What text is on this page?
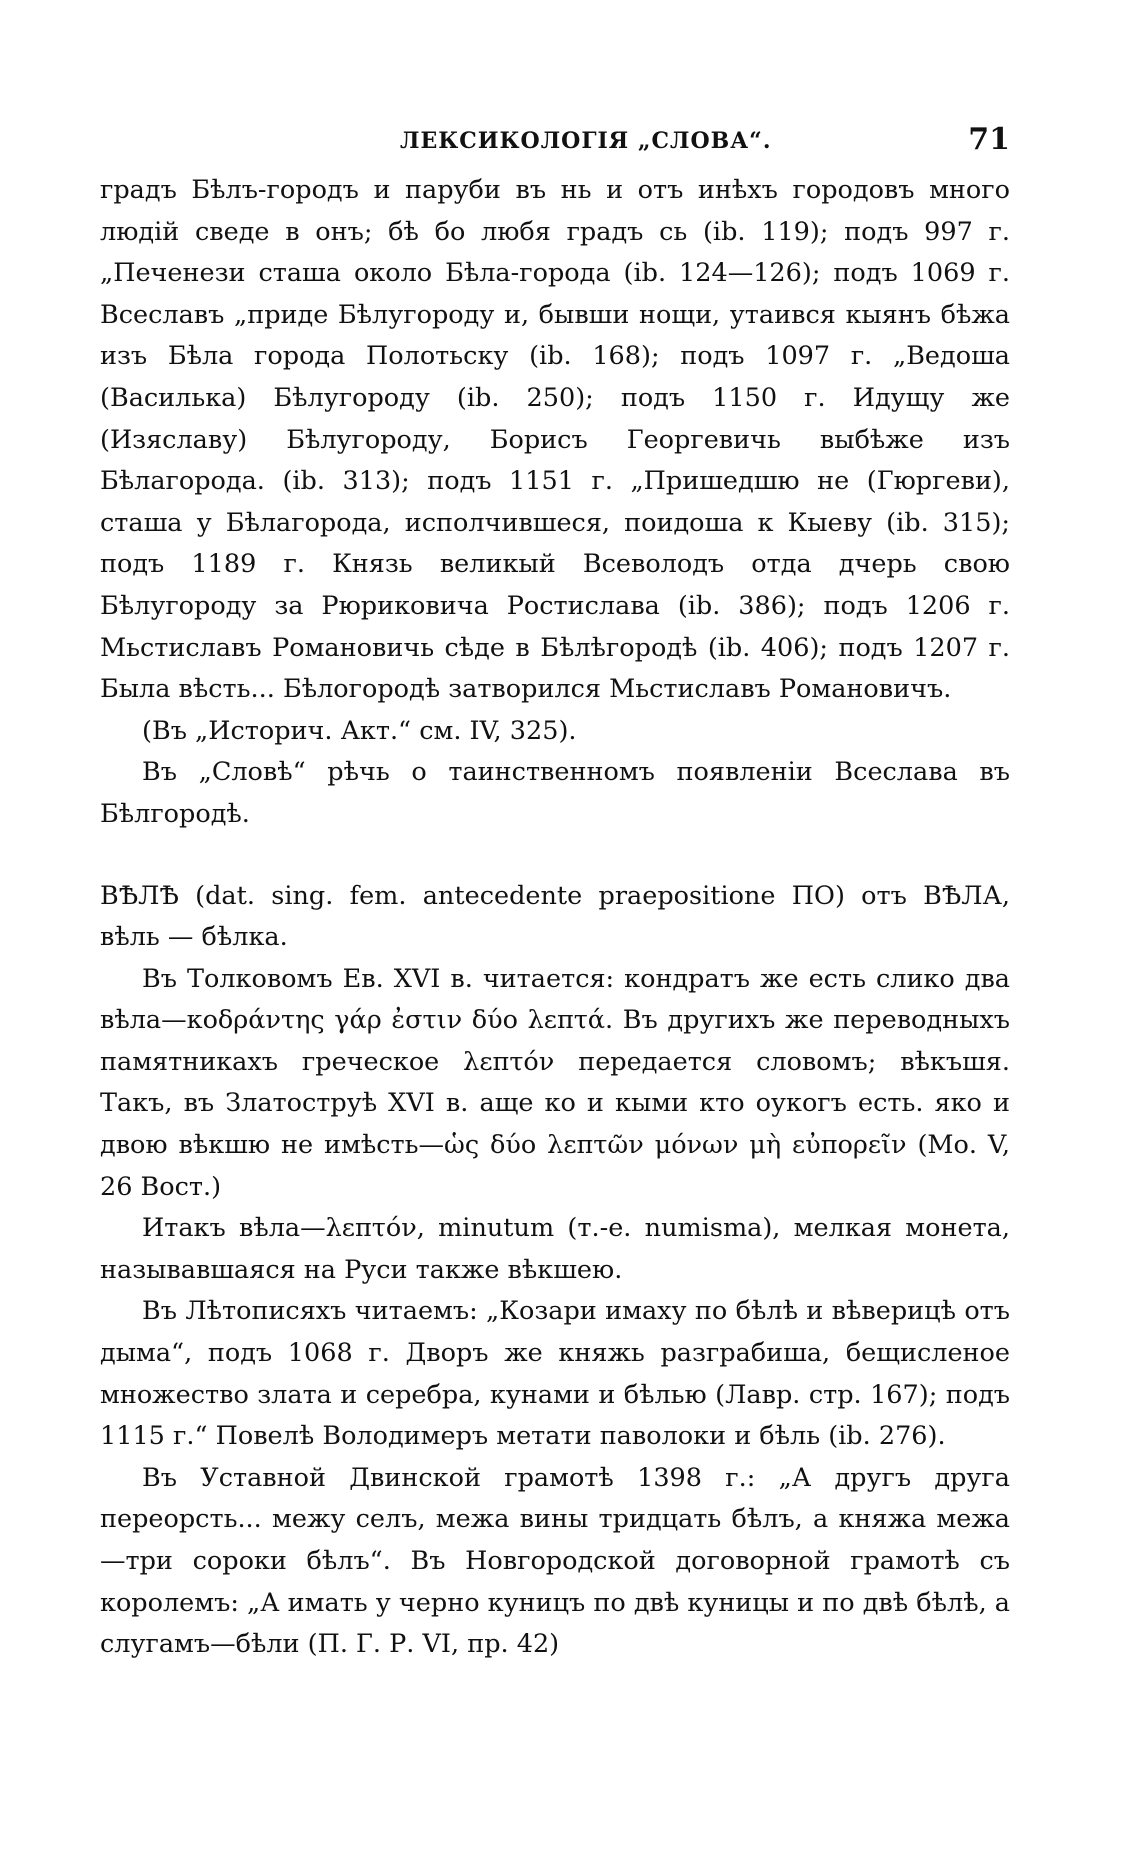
ЛЕКСИКОЛОГІЯ „СЛОВА“.	71

градъ Бѣлъ-городъ и паруби въ нь и отъ инѣхъ городовъ много людій сведе в онъ; бѣ бо любя градъ сь (ib. 119); подъ 997 г. „Печенези сташа около Бѣла-города (ib. 124—126); подъ 1069 г. Всеславъ „приде Бѣлугороду и, бывши нощи, утаився кыянъ бѣжа изъ Бѣла города Полотьску (ib. 168); подъ 1097 г. „Ведоша (Василька) Бѣлугороду (ib. 250); подъ 1150 г. Идущу же (Изяславу) Бѣлугороду, Борисъ Георгевичь выбѣже изъ Бѣлагорода. (ib. 313); подъ 1151 г. „Пришедшю не (Гюргеви), сташа у Бѣлагорода, исполчившеся, поидоша к Кыеву (ib. 315); подъ 1189 г. Князь великый Всеволодъ отда дчерь свою Бѣлугороду за Рюриковича Ростиславa (ib. 386); подъ 1206 г. Мьстиславъ Романовичь сѣде в Бѣлѣгородѣ (ib. 406); подъ 1207 г. Была вѣсть... Бѣлогородѣ затворился Мьстиславъ Романовичъ.

(Въ „Историч. Акт.“ см. IV, 325).

Въ „Словѣ“ рѣчь о таинственномъ появленіи Всеслава въ Бѣлгородѣ.

ВѢЛѢ (dat. sing. fem. antecedente praepositione ПО) отъ ВѢЛА, вѣль — бѣлка.

Въ Толковомъ Ев. XVI в. читается: кондратъ же есть слико два вѣла—κοδράντης γάρ ἐστιν δύο λεπτά. Въ другихъ же переводныхъ памятникахъ греческое λεπτόν передается словомъ; вѣкъшя. Такъ, въ Златоструѣ XVI в. аще ко и кыми кто оукогъ есть. яко и двою вѣкшю не имѣсть—ὡς δύο λεπτῶν μόνων μὴ εὐπορεῖν (Мо. V, 26 Вост.)

Итакъ вѣла—λεπτόν, minutum (т.-е. numisma), мелкая монета, называвшаяся на Руси также вѣкшею.

Въ Лѣтописяхъ читаемъ: „Козари имаху по бѣлѣ и вѣверицѣ отъ дыма“, подъ 1068 г. Дворъ же княжь разграбиша, бещисленое множество злата и серебра, кунами и бѣлью (Лавр. стр. 167); подъ 1115 г.“ Повелѣ Володимеръ метати паволоки и бѣль (ib. 276).

Въ Уставной Двинской грамотѣ 1398 г.: „А другъ друга переорсть... межу селъ, межа вины тридцать бѣлъ, а княжа межа—три сороки бѣлъ“. Въ Новгородской договорной грамотѣ съ королемъ: „А имать у черно куницъ по двѣ куницы и по двѣ бѣлѣ, а слугамъ—бѣли (П. Г. Р. VI, пр. 42)
